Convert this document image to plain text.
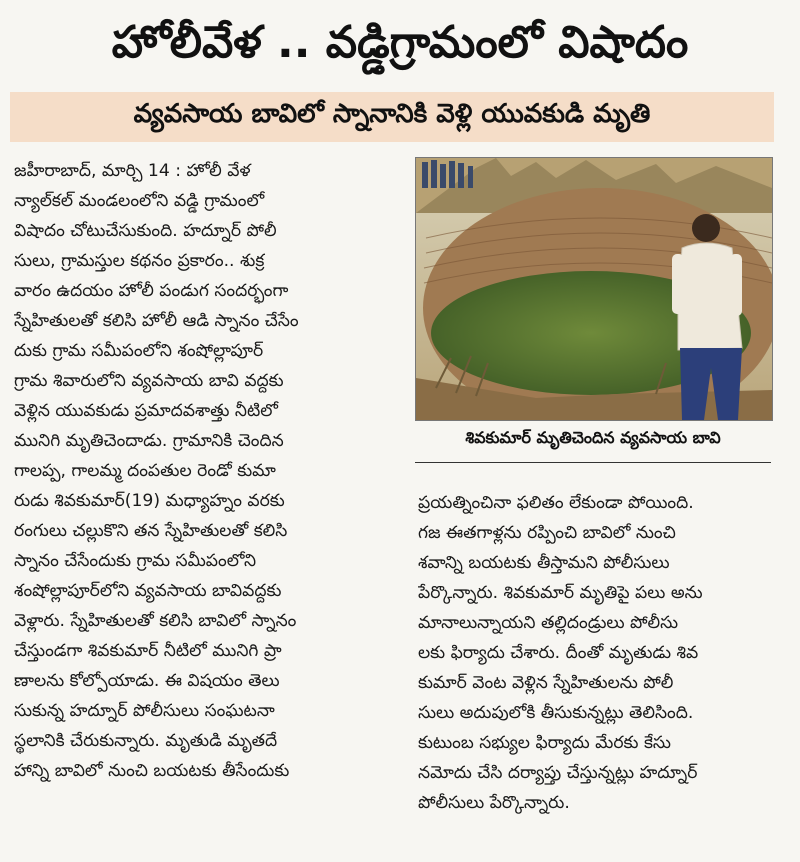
హోలీవేళ .. వడ్డిగ్రామంలో విషాదం
వ్యవసాయ బావిలో స్నానానికి వెళ్లి యువకుడి మృతి
జహీరాబాద్, మార్చి 14 : హోలీ వేళ
న్యాల్‌కల్ మండలంలోని వడ్డి గ్రామంలో
విషాదం చోటుచేసుకుంది. హద్నూర్ పోలీ
సులు, గ్రామస్తుల కథనం ప్రకారం.. శుక్ర
వారం ఉదయం హోలీ పండుగ సందర్భంగా
స్నేహితులతో కలిసి హోలీ ఆడి స్నానం చేసేం
దుకు గ్రామ సమీపంలోని శంషోల్లాపూర్
గ్రామ శివారులోని వ్యవసాయ బావి వద్దకు
వెళ్లిన యువకుడు ప్రమాదవశాత్తు నీటిలో
మునిగి మృతిచెందాడు. గ్రామానికి చెందిన
గాలప్ప, గాలమ్మ దంపతుల రెండో కుమా
రుడు శివకుమార్(19) మధ్యాహ్నం వరకు
రంగులు చల్లుకొని తన స్నేహితులతో కలిసి
స్నానం చేసేందుకు గ్రామ సమీపంలోని
శంషోల్లాపూర్‌లోని వ్యవసాయ బావివద్దకు
వెళ్లారు. స్నేహితులతో కలిసి బావిలో స్నానం
చేస్తుండగా శివకుమార్ నీటిలో మునిగి ప్రా
ణాలను కోల్పోయాడు. ఈ విషయం తెలు
సుకున్న హద్నూర్ పోలీసులు సంఘటనా
స్థలానికి చేరుకున్నారు. మృతుడి మృతదే
హాన్ని బావిలో నుంచి బయటకు తీసేందుకు
శివకుమార్ మృతిచెందిన వ్యవసాయ బావి
ప్రయత్నించినా ఫలితం లేకుండా పోయింది.
గజ ఈతగాళ్లను రప్పించి బావిలో నుంచి
శవాన్ని బయటకు తీస్తామని పోలీసులు
పేర్కొన్నారు. శివకుమార్ మృతిపై పలు అను
మానాలున్నాయని తల్లిదండ్రులు పోలీసు
లకు ఫిర్యాదు చేశారు. దీంతో మృతుడు శివ
కుమార్ వెంట వెళ్లిన స్నేహితులను పోలీ
సులు అదుపులోకి తీసుకున్నట్లు తెలిసింది.
కుటుంబ సభ్యుల ఫిర్యాదు మేరకు కేసు
నమోదు చేసి దర్యాప్తు చేస్తున్నట్లు హద్నూర్
పోలీసులు పేర్కొన్నారు.
